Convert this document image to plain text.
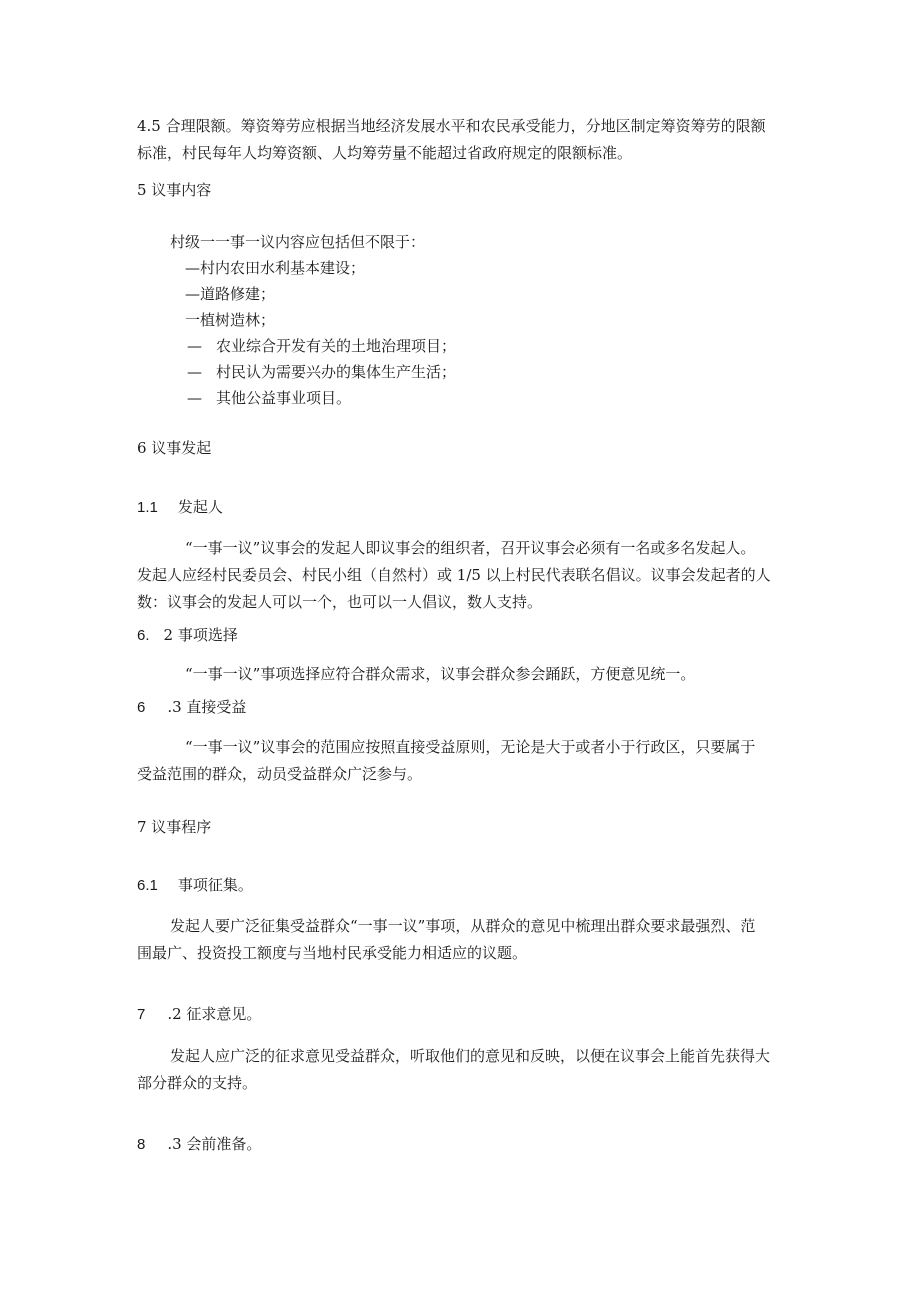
4.5 合理限额。筹资筹劳应根据当地经济发展水平和农民承受能力，分地区制定筹资筹劳的限额
标准，村民每年人均筹资额、人均筹劳量不能超过省政府规定的限额标准。
5 议事内容
村级一一事一议内容应包括但不限于：
—村内农田水利基本建设；
—道路修建；
一植树造林；
— 农业综合开发有关的土地治理项目；
— 村民认为需要兴办的集体生产生活；
— 其他公益事业项目。
6 议事发起
1.1 发起人
“一事一议”议事会的发起人即议事会的组织者，召开议事会必须有一名或多名发起人。
发起人应经村民委员会、村民小组（自然村）或 1/5 以上村民代表联名倡议。议事会发起者的人
数：议事会的发起人可以一个，也可以一人倡议，数人支持。
6. 2 事项选择
“一事一议”事项选择应符合群众需求，议事会群众参会踊跃，方便意见统一。
6 .3 直接受益
“一事一议”议事会的范围应按照直接受益原则，无论是大于或者小于行政区，只要属于
受益范围的群众，动员受益群众广泛参与。
7 议事程序
6.1 事项征集。
发起人要广泛征集受益群众“一事一议”事项，从群众的意见中梳理出群众要求最强烈、范
围最广、投资投工额度与当地村民承受能力相适应的议题。
7 .2 征求意见。
发起人应广泛的征求意见受益群众，听取他们的意见和反映，以便在议事会上能首先获得大
部分群众的支持。
8 .3 会前准备。
